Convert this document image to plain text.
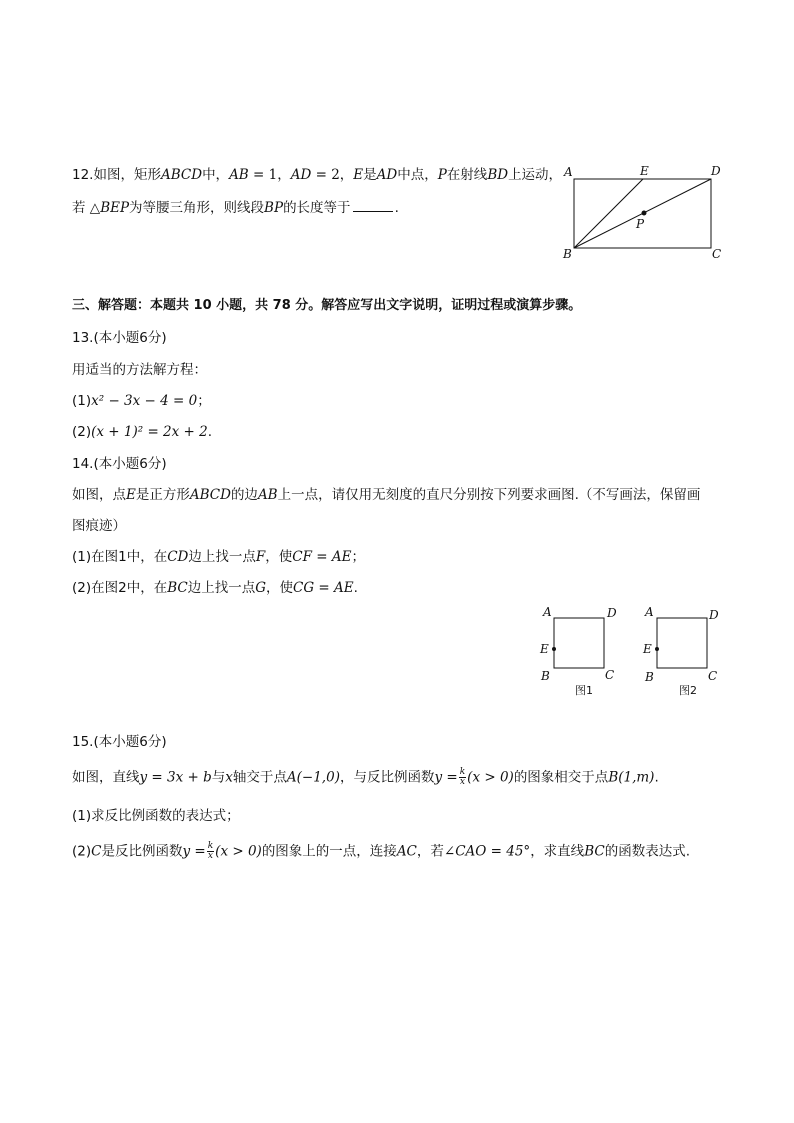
12.如图，矩形ABCD中，AB = 1，AD = 2，E是AD中点，P在射线BD上运动，
若 △BEP为等腰三角形，则线段BP的长度等于	.
A	E	D
P
B	C
三、解答题：本题共 10 小题，共 78 分。解答应写出文字说明，证明过程或演算步骤。
13.(本小题6分)
用适当的方法解方程：
(1)x² − 3x − 4 = 0；
(2)(x + 1)² = 2x + 2.
14.(本小题6分)
如图，点E是正方形ABCD的边AB上一点，请仅用无刻度的直尺分别按下列要求画图.（不写画法，保留画
图痕迹）
(1)在图1中，在CD边上找一点F，使CF = AE；
(2)在图2中，在BC边上找一点G，使CG = AE.
A	D
E
B	C
图1
A	D
E
B	C
图2
15.(本小题6分)
如图，直线y = 3x + b与x轴交于点A(−1,0)，与反比例函数$y = \frac{k}{x} (x > 0)$的图象相交于点B(1,m).
(1)求反比例函数的表达式；
(2)C是反比例函数$y = \frac{k}{x} (x > 0)$的图象上的一点，连接AC，若∠CAO = 45°，求直线BC的函数表达式.
